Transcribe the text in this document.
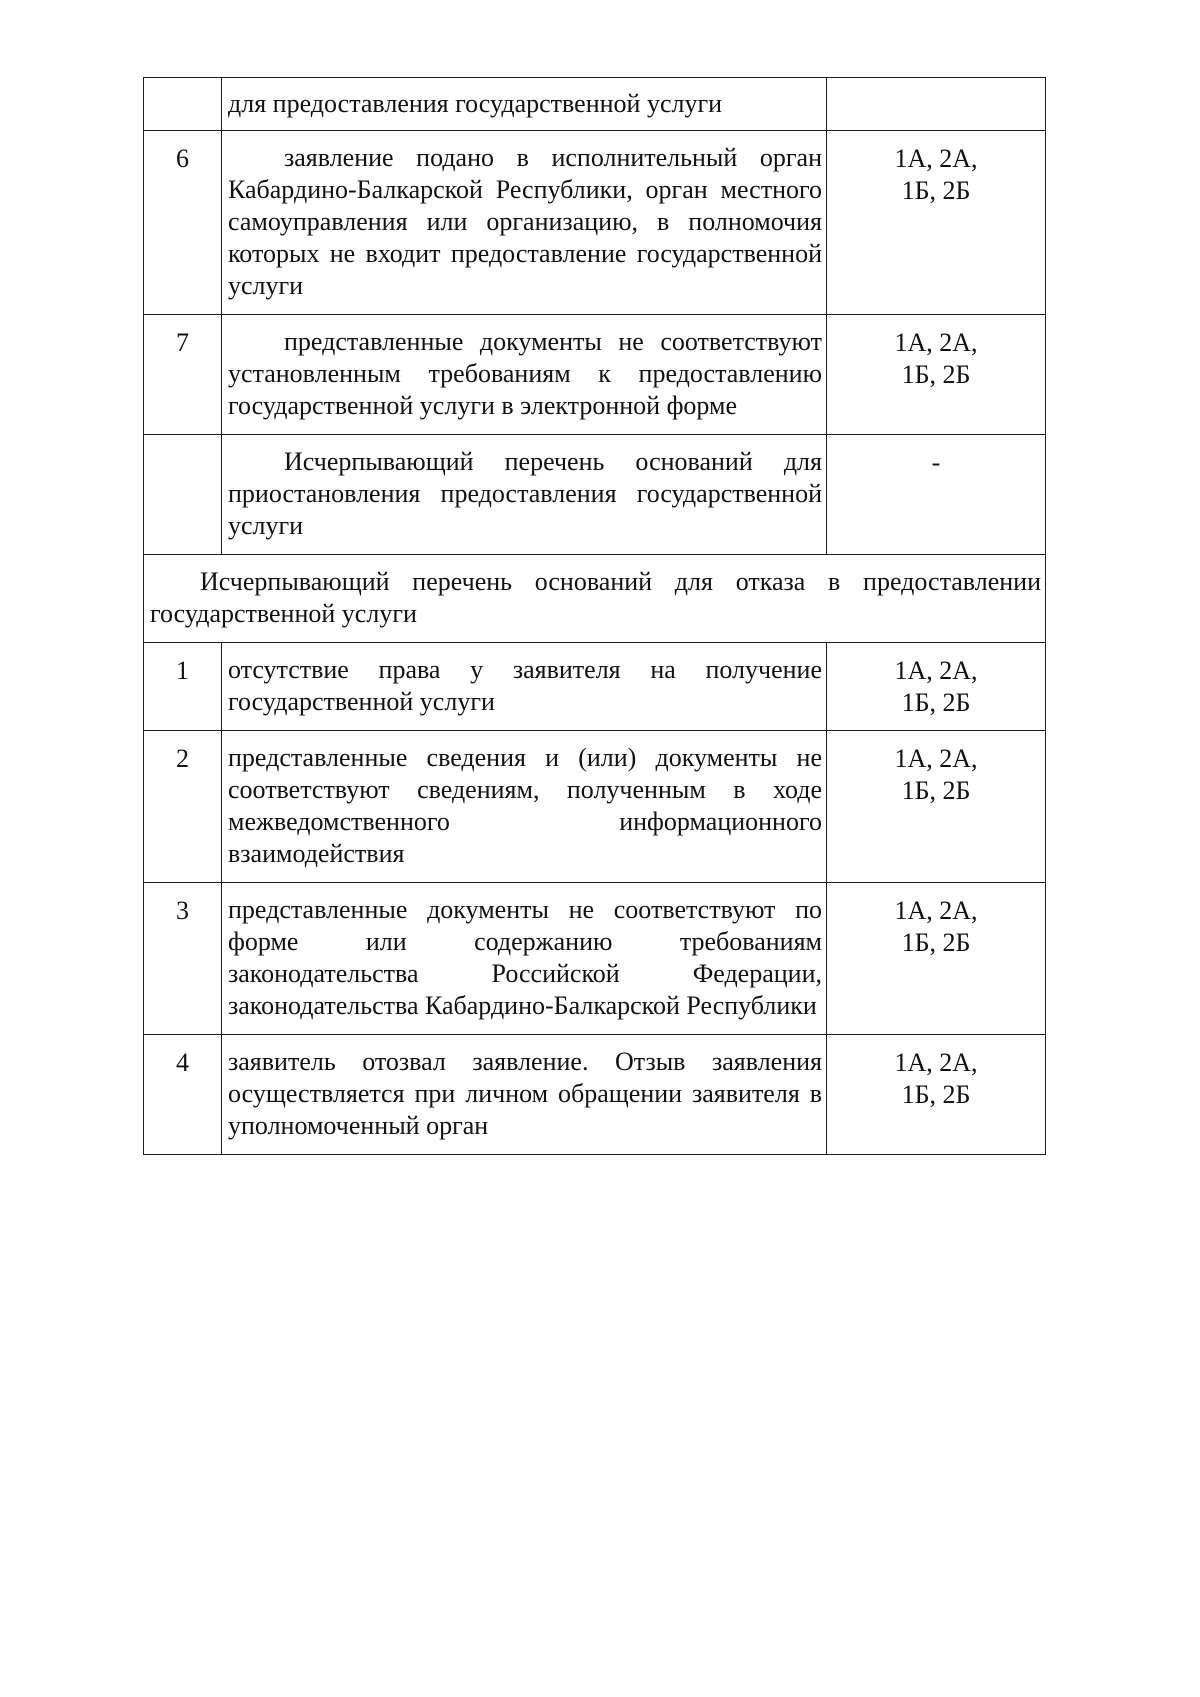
	для предоставления государственной услуги	

6	заявление подано в исполнительный орган Кабардино-Балкарской Республики, орган местного самоуправления или организацию, в полномочия которых не входит предоставление государственной услуги	1А, 2А,
1Б, 2Б

7	представленные документы не соответствуют установленным требованиям к предоставлению государственной услуги в электронной форме	1А, 2А,
1Б, 2Б

	Исчерпывающий перечень оснований для приостановления предоставления государственной услуги	-

Исчерпывающий перечень оснований для отказа в предоставлении государственной услуги		
1	отсутствие права у заявителя на получение государственной услуги	1А, 2А,
1Б, 2Б

2	представленные сведения и (или) документы не соответствуют сведениям, полученным в ходе межведомственного информационного взаимодействия	1А, 2А,
1Б, 2Б

3	представленные документы не соответствуют по форме или содержанию требованиям законодательства Российской Федерации, законодательства Кабардино-Балкарской Республики	1А, 2А,
1Б, 2Б

4	заявитель отозвал заявление. Отзыв заявления осуществляется при личном обращении заявителя в уполномоченный орган	1А, 2А,
1Б, 2Б
